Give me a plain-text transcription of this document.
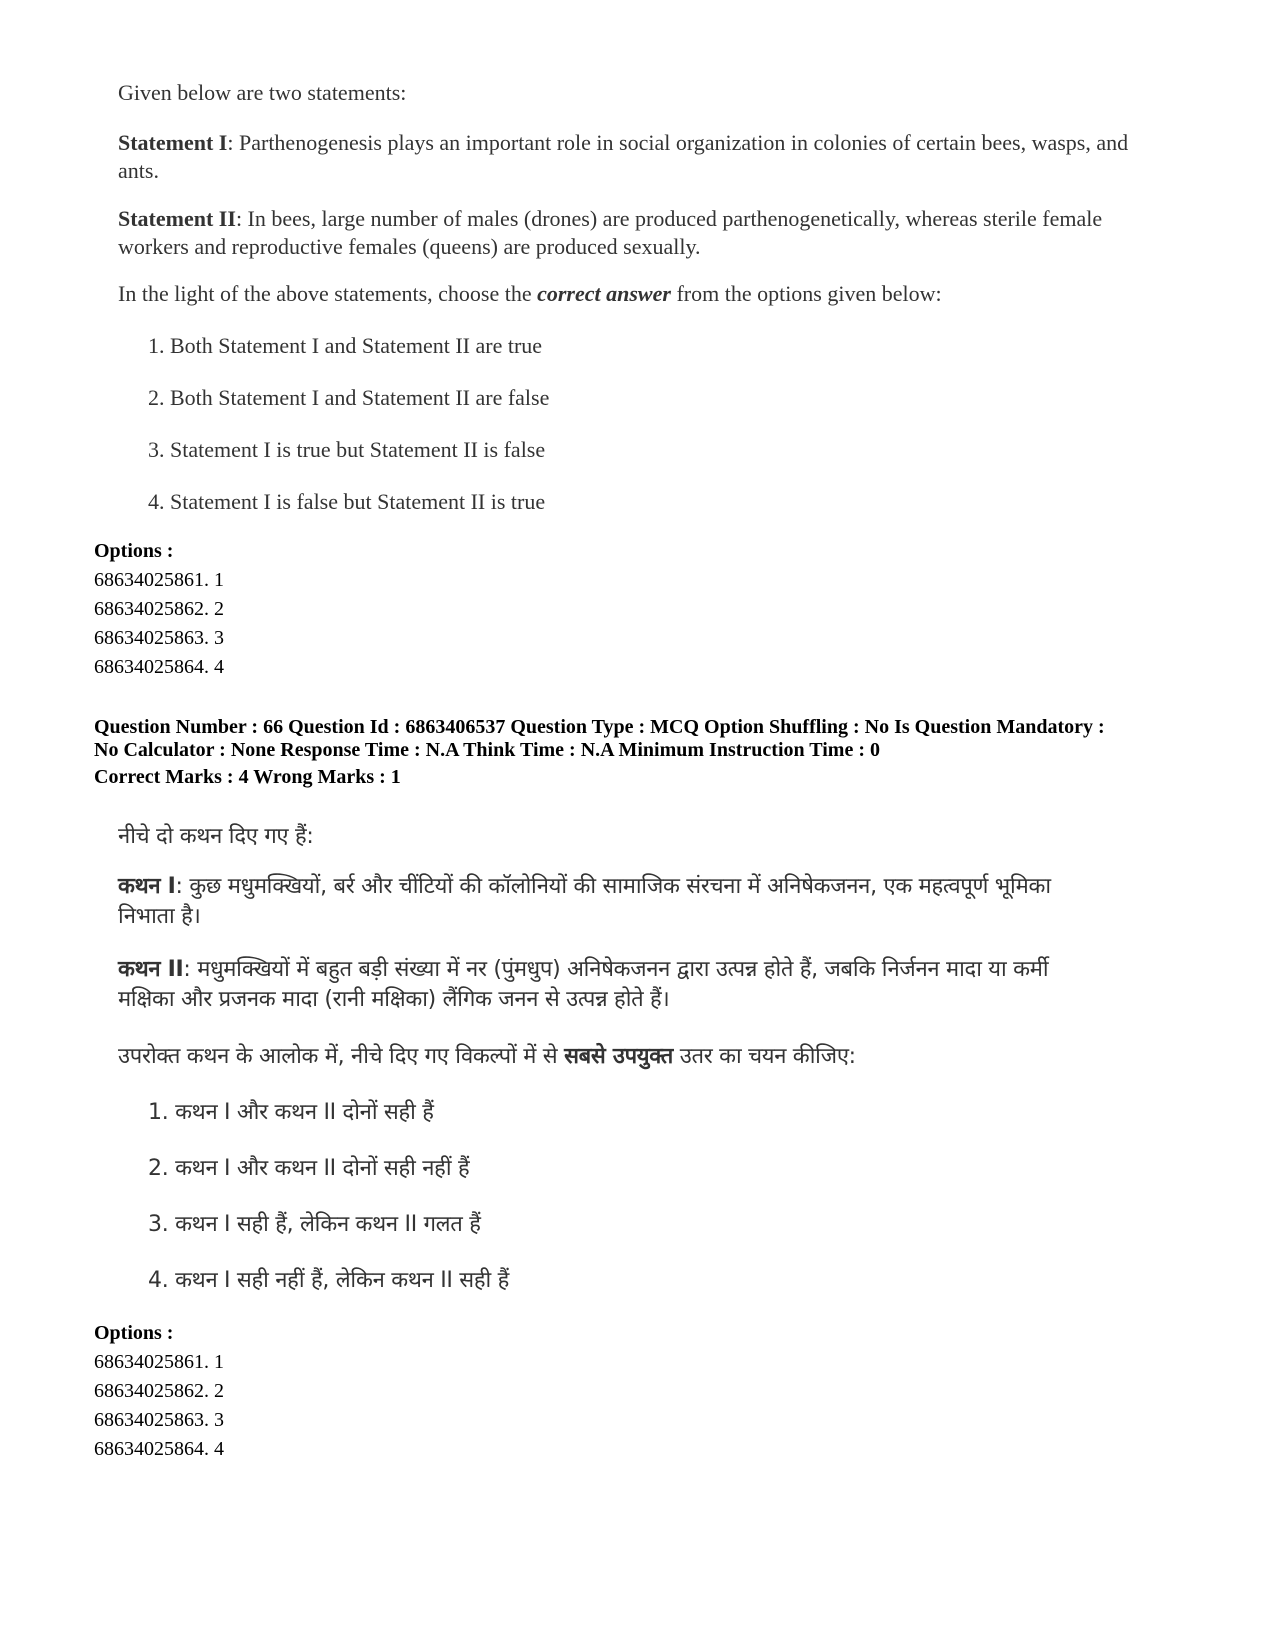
Given below are two statements:

Statement I: Parthenogenesis plays an important role in social organization in colonies of certain bees, wasps, and ants.

Statement II: In bees, large number of males (drones) are produced parthenogenetically, whereas sterile female workers and reproductive females (queens) are produced sexually.

In the light of the above statements, choose the correct answer from the options given below:

1. Both Statement I and Statement II are true

2. Both Statement I and Statement II are false

3. Statement I is true but Statement II is false

4. Statement I is false but Statement II is true

Options :

68634025861. 1
68634025862. 2
68634025863. 3
68634025864. 4

Question Number : 66 Question Id : 6863406537 Question Type : MCQ Option Shuffling : No Is Question Mandatory :

No Calculator : None Response Time : N.A Think Time : N.A Minimum Instruction Time : 0

Correct Marks : 4 Wrong Marks : 1

नीचे दो कथन दिए गए हैं:

कथन I: कुछ मधुमक्खियों, बर्र और चींटियों की कॉलोनियों की सामाजिक संरचना में अनिषेकजनन, एक महत्वपूर्ण भूमिका निभाता है।

कथन II: मधुमक्खियों में बहुत बड़ी संख्या में नर (पुंमधुप) अनिषेकजनन द्वारा उत्पन्न होते हैं, जबकि निर्जनन मादा या कर्मी मक्षिका और प्रजनक मादा (रानी मक्षिका) लैंगिक जनन से उत्पन्न होते हैं।

उपरोक्त कथन के आलोक में, नीचे दिए गए विकल्पों में से सबसे उपयुक्त उतर का चयन कीजिए:

1. कथन I और कथन II दोनों सही हैं

2. कथन I और कथन II दोनों सही नहीं हैं

3. कथन I सही हैं, लेकिन कथन II गलत हैं

4. कथन I सही नहीं हैं, लेकिन कथन II सही हैं

Options :

68634025861. 1
68634025862. 2
68634025863. 3
68634025864. 4
